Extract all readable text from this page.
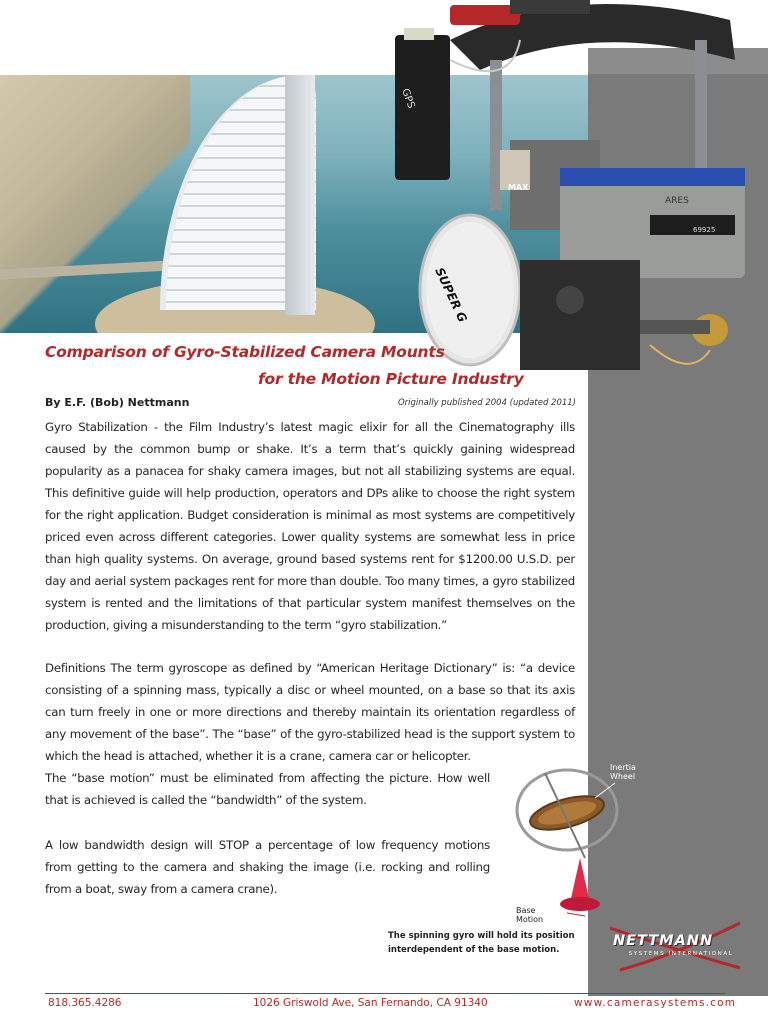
GPS
MAX
ARES
69925
SUPER G
Comparison of Gyro-Stabilized Camera Mounts
for the Motion Picture Industry
By E.F. (Bob) Nettmann	Originally published 2004 (updated 2011)

Gyro Stabilization - the Film Industry’s latest magic elixir for all the Cinematography ills caused by the common bump or shake. It’s a term that’s quickly gaining widespread popularity as a panacea for shaky camera images, but not all stabilizing systems are equal. This definitive guide will help production, operators and DPs alike to choose the right system for the right application. Budget consideration is minimal as most systems are competitively priced even across different categories. Lower quality systems are somewhat less in price than high quality systems. On average, ground based systems rent for $1200.00 U.S.D. per day and aerial system packages rent for more than double. Too many times, a gyro stabilized system is rented and the limitations of that particular system manifest themselves on the production, giving a misunderstanding to the term “gyro stabilization.”

Definitions The term gyroscope as defined by “American Heritage Dictionary” is: “a device consisting of a spinning mass, typically a disc or wheel mounted, on a base so that its axis can turn freely in one or more directions and thereby maintain its orientation regardless of any movement of the base”. The “base” of the gyro-stabilized head is the support system to which the head is attached, whether it is a crane, camera car or helicopter.
The “base motion” must be eliminated from affecting the picture. How well that is achieved is called the “bandwidth” of the system.

A low bandwidth design will STOP a percentage of low frequency motions from getting to the camera and shaking the image (i.e. rocking and rolling from a boat, sway from a camera crane).

Inertia Wheel
Base Motion
The spinning gyro will hold its position interdependent of the base motion.
NETTMANN
SYSTEMS INTERNATIONAL
818.365.4286	1026 Griswold Ave, San Fernando, CA 91340	www.camerasystems.com
